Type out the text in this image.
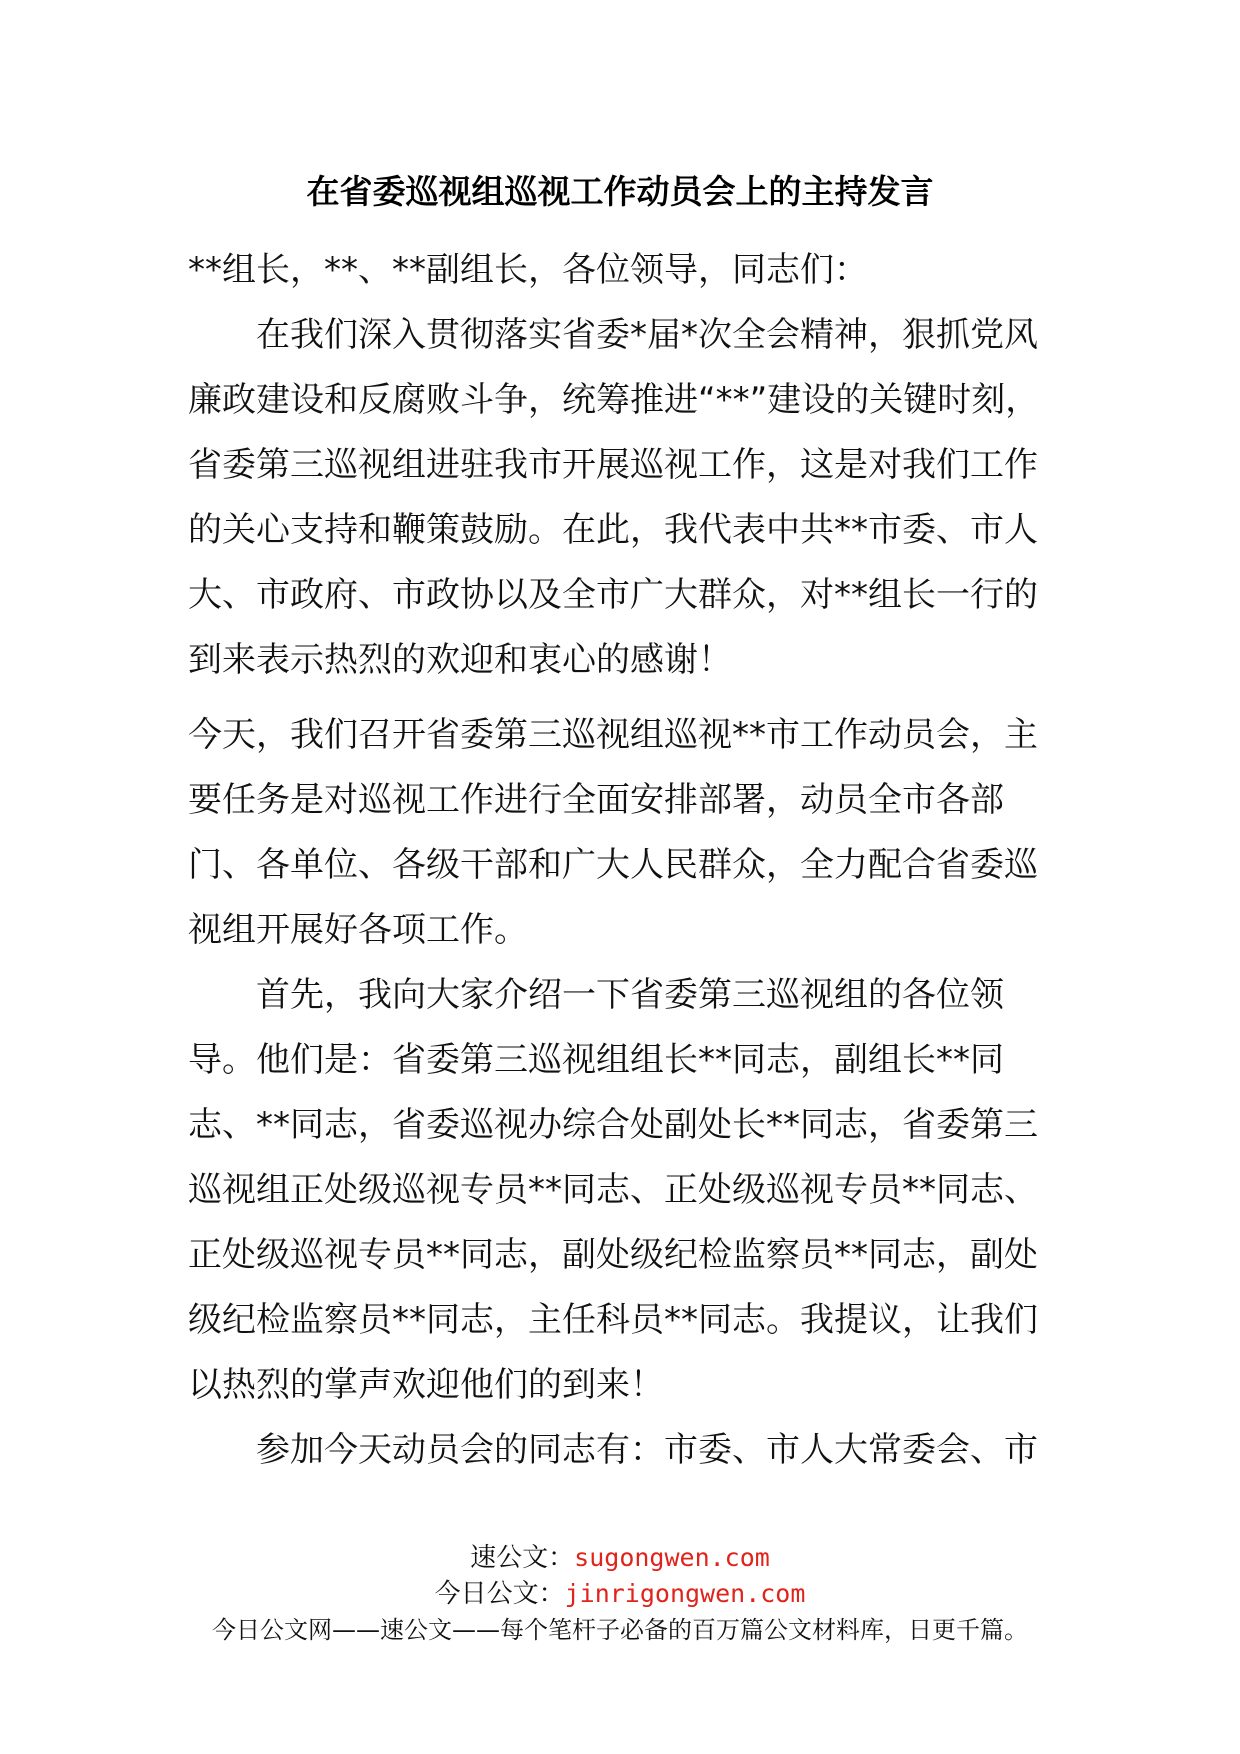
在省委巡视组巡视工作动员会上的主持发言

**组长，**、**副组长，各位领导，同志们：

在我们深入贯彻落实省委*届*次全会精神，狠抓党风廉政建设和反腐败斗争，统筹推进“**”建设的关键时刻，省委第三巡视组进驻我市开展巡视工作，这是对我们工作的关心支持和鞭策鼓励。在此，我代表中共**市委、市人大、市政府、市政协以及全市广大群众，对**组长一行的到来表示热烈的欢迎和衷心的感谢！

今天，我们召开省委第三巡视组巡视**市工作动员会，主要任务是对巡视工作进行全面安排部署，动员全市各部门、各单位、各级干部和广大人民群众，全力配合省委巡视组开展好各项工作。

首先，我向大家介绍一下省委第三巡视组的各位领导。他们是：省委第三巡视组组长**同志，副组长**同志、**同志，省委巡视办综合处副处长**同志，省委第三巡视组正处级巡视专员**同志、正处级巡视专员**同志、正处级巡视专员**同志，副处级纪检监察员**同志，副处级纪检监察员**同志，主任科员**同志。我提议，让我们以热烈的掌声欢迎他们的到来！

参加今天动员会的同志有：市委、市人大常委会、市

速公文：sugongwen.com
今日公文：jinrigongwen.com
今日公文网——速公文——每个笔杆子必备的百万篇公文材料库，日更千篇。
